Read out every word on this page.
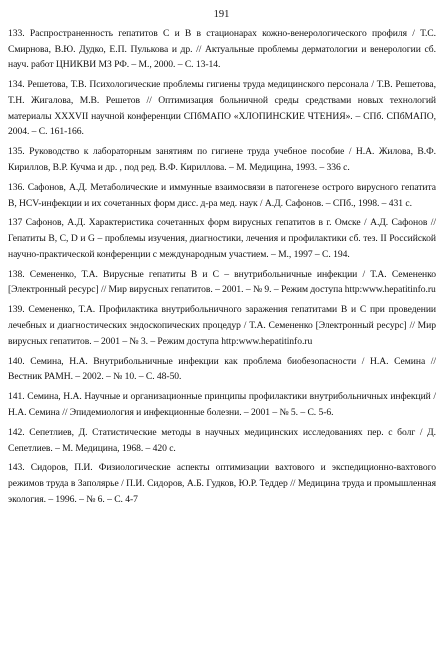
191
133. Распространенность гепатитов С и В в стационарах кожно-венерологического профиля / Т.С. Смирнова, В.Ю. Дудко, Е.П. Пулькова и др. // Актуальные проблемы дерматологии и венерологии сб. науч. работ ЦНИКВИ МЗ РФ. – М., 2000. – С. 13-14.
134. Решетова, Т.В. Психологические проблемы гигиены труда медицинского персонала / Т.В. Решетова, Т.Н. Жигалова, М.В. Решетов // Оптимизация больничной среды средствами новых технологий материалы XXXVII научной конференции СПбМАПО «ХЛОПИНСКИЕ ЧТЕНИЯ». – СПб. СПбМАПО, 2004. – С. 161-166.
135. Руководство к лабораторным занятиям по гигиене труда учебное пособие / Н.А. Жилова, В.Ф. Кириллов, В.Р. Кучма и др. , под ред. В.Ф. Кириллова. – М. Медицина, 1993. – 336 с.
136. Сафонов, А.Д. Метаболические и иммунные взаимосвязи в патогенезе острого вирусного гепатита В, HCV-инфекции и их сочетанных форм дисс. д-ра мед. наук / А.Д. Сафонов. – СПб., 1998. – 431 с.
137 Сафонов, А.Д. Характеристика сочетанных форм вирусных гепатитов в г. Омске / А.Д. Сафонов // Гепатиты В, С, D и G – проблемы изучения, диагностики, лечения и профилактики сб. тез. II Российской научно-практической конференции с международным участием. – М., 1997 – С. 194.
138. Семененко, Т.А. Вирусные гепатиты В и С – внутрибольничные инфекции / Т.А. Семененко [Электронный ресурс] // Мир вирусных гепатитов. – 2001. – № 9. – Режим доступа http:www.hepatitinfo.ru
139. Семененко, Т.А. Профилактика внутрибольничного заражения гепатитами В и С при проведении лечебных и диагностических эндоскопических процедур / Т.А. Семененко [Электронный ресурс] // Мир вирусных гепатитов. – 2001 – № 3. – Режим доступа http:www.hepatitinfo.ru
140. Семина, Н.А. Внутрибольничные инфекции как проблема биобезопасности / Н.А. Семина // Вестник РАМН. – 2002. – № 10. – С. 48-50.
141. Семина, Н.А. Научные и организационные принципы профилактики внутрибольничных инфекций / Н.А. Семина // Эпидемиология и инфекционные болезни. – 2001 – № 5. – С. 5-6.
142. Сепетлиев, Д. Статистические методы в научных медицинских исследованиях пер. с болг / Д. Сепетлиев. – М. Медицина, 1968. – 420 с.
143. Сидоров, П.И. Физиологические аспекты оптимизации вахтового и экспедиционно-вахтового режимов труда в Заполярье / П.И. Сидоров, А.Б. Гудков, Ю.Р. Теддер // Медицина труда и промышленная экология. – 1996. – № 6. – С. 4-7
